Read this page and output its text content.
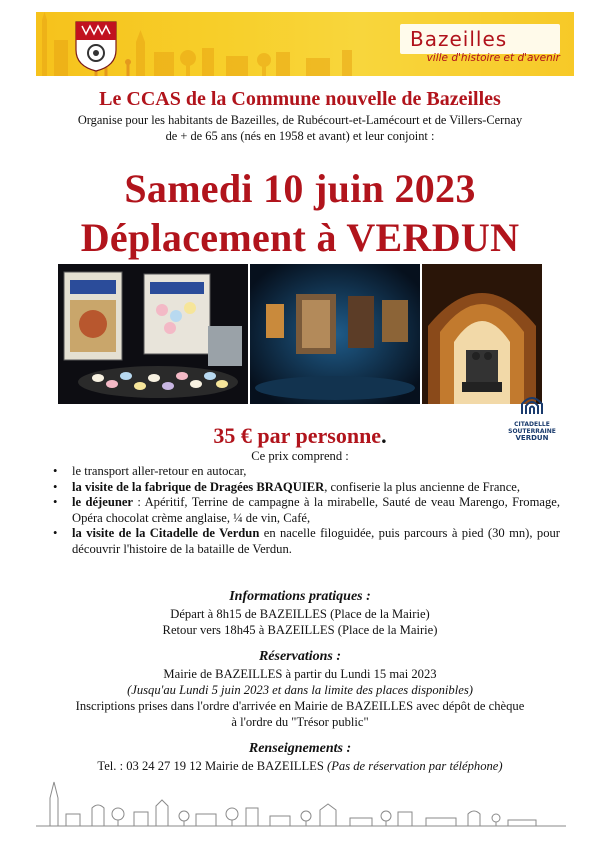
Bazeilles
ville d'histoire et d'avenir
Le CCAS de la Commune nouvelle de Bazeilles
Organise pour les habitants de Bazeilles, de Rubécourt-et-Lamécourt et de Villers-Cernay
de + de 65 ans (nés en 1958 et avant) et leur conjoint :
Samedi 10 juin 2023
Déplacement à VERDUN
CITADELLE
SOUTERRAINE
VERDUN
35 € par personne.
Ce prix comprend :
• le transport aller-retour en autocar,
• la visite de la fabrique de Dragées BRAQUIER, confiserie la plus ancienne de France,
• le déjeuner : Apéritif, Terrine de campagne à la mirabelle, Sauté de veau Marengo, Fromage, Opéra chocolat crème anglaise, ¼ de vin, Café,
• la visite de la Citadelle de Verdun en nacelle filoguidée, puis parcours à pied (30 mn), pour découvrir l'histoire de la bataille de Verdun.
Informations pratiques :
Départ à 8h15 de BAZEILLES (Place de la Mairie)
Retour vers 18h45 à BAZEILLES (Place de la Mairie)
Réservations :
Mairie de BAZEILLES à partir du Lundi 15 mai 2023
(Jusqu'au Lundi 5 juin 2023 et dans la limite des places disponibles)
Inscriptions prises dans l'ordre d'arrivée en Mairie de BAZEILLES avec dépôt de chèque
à l'ordre du "Trésor public"
Renseignements :
Tel. : 03 24 27 19 12 Mairie de BAZEILLES (Pas de réservation par téléphone)
